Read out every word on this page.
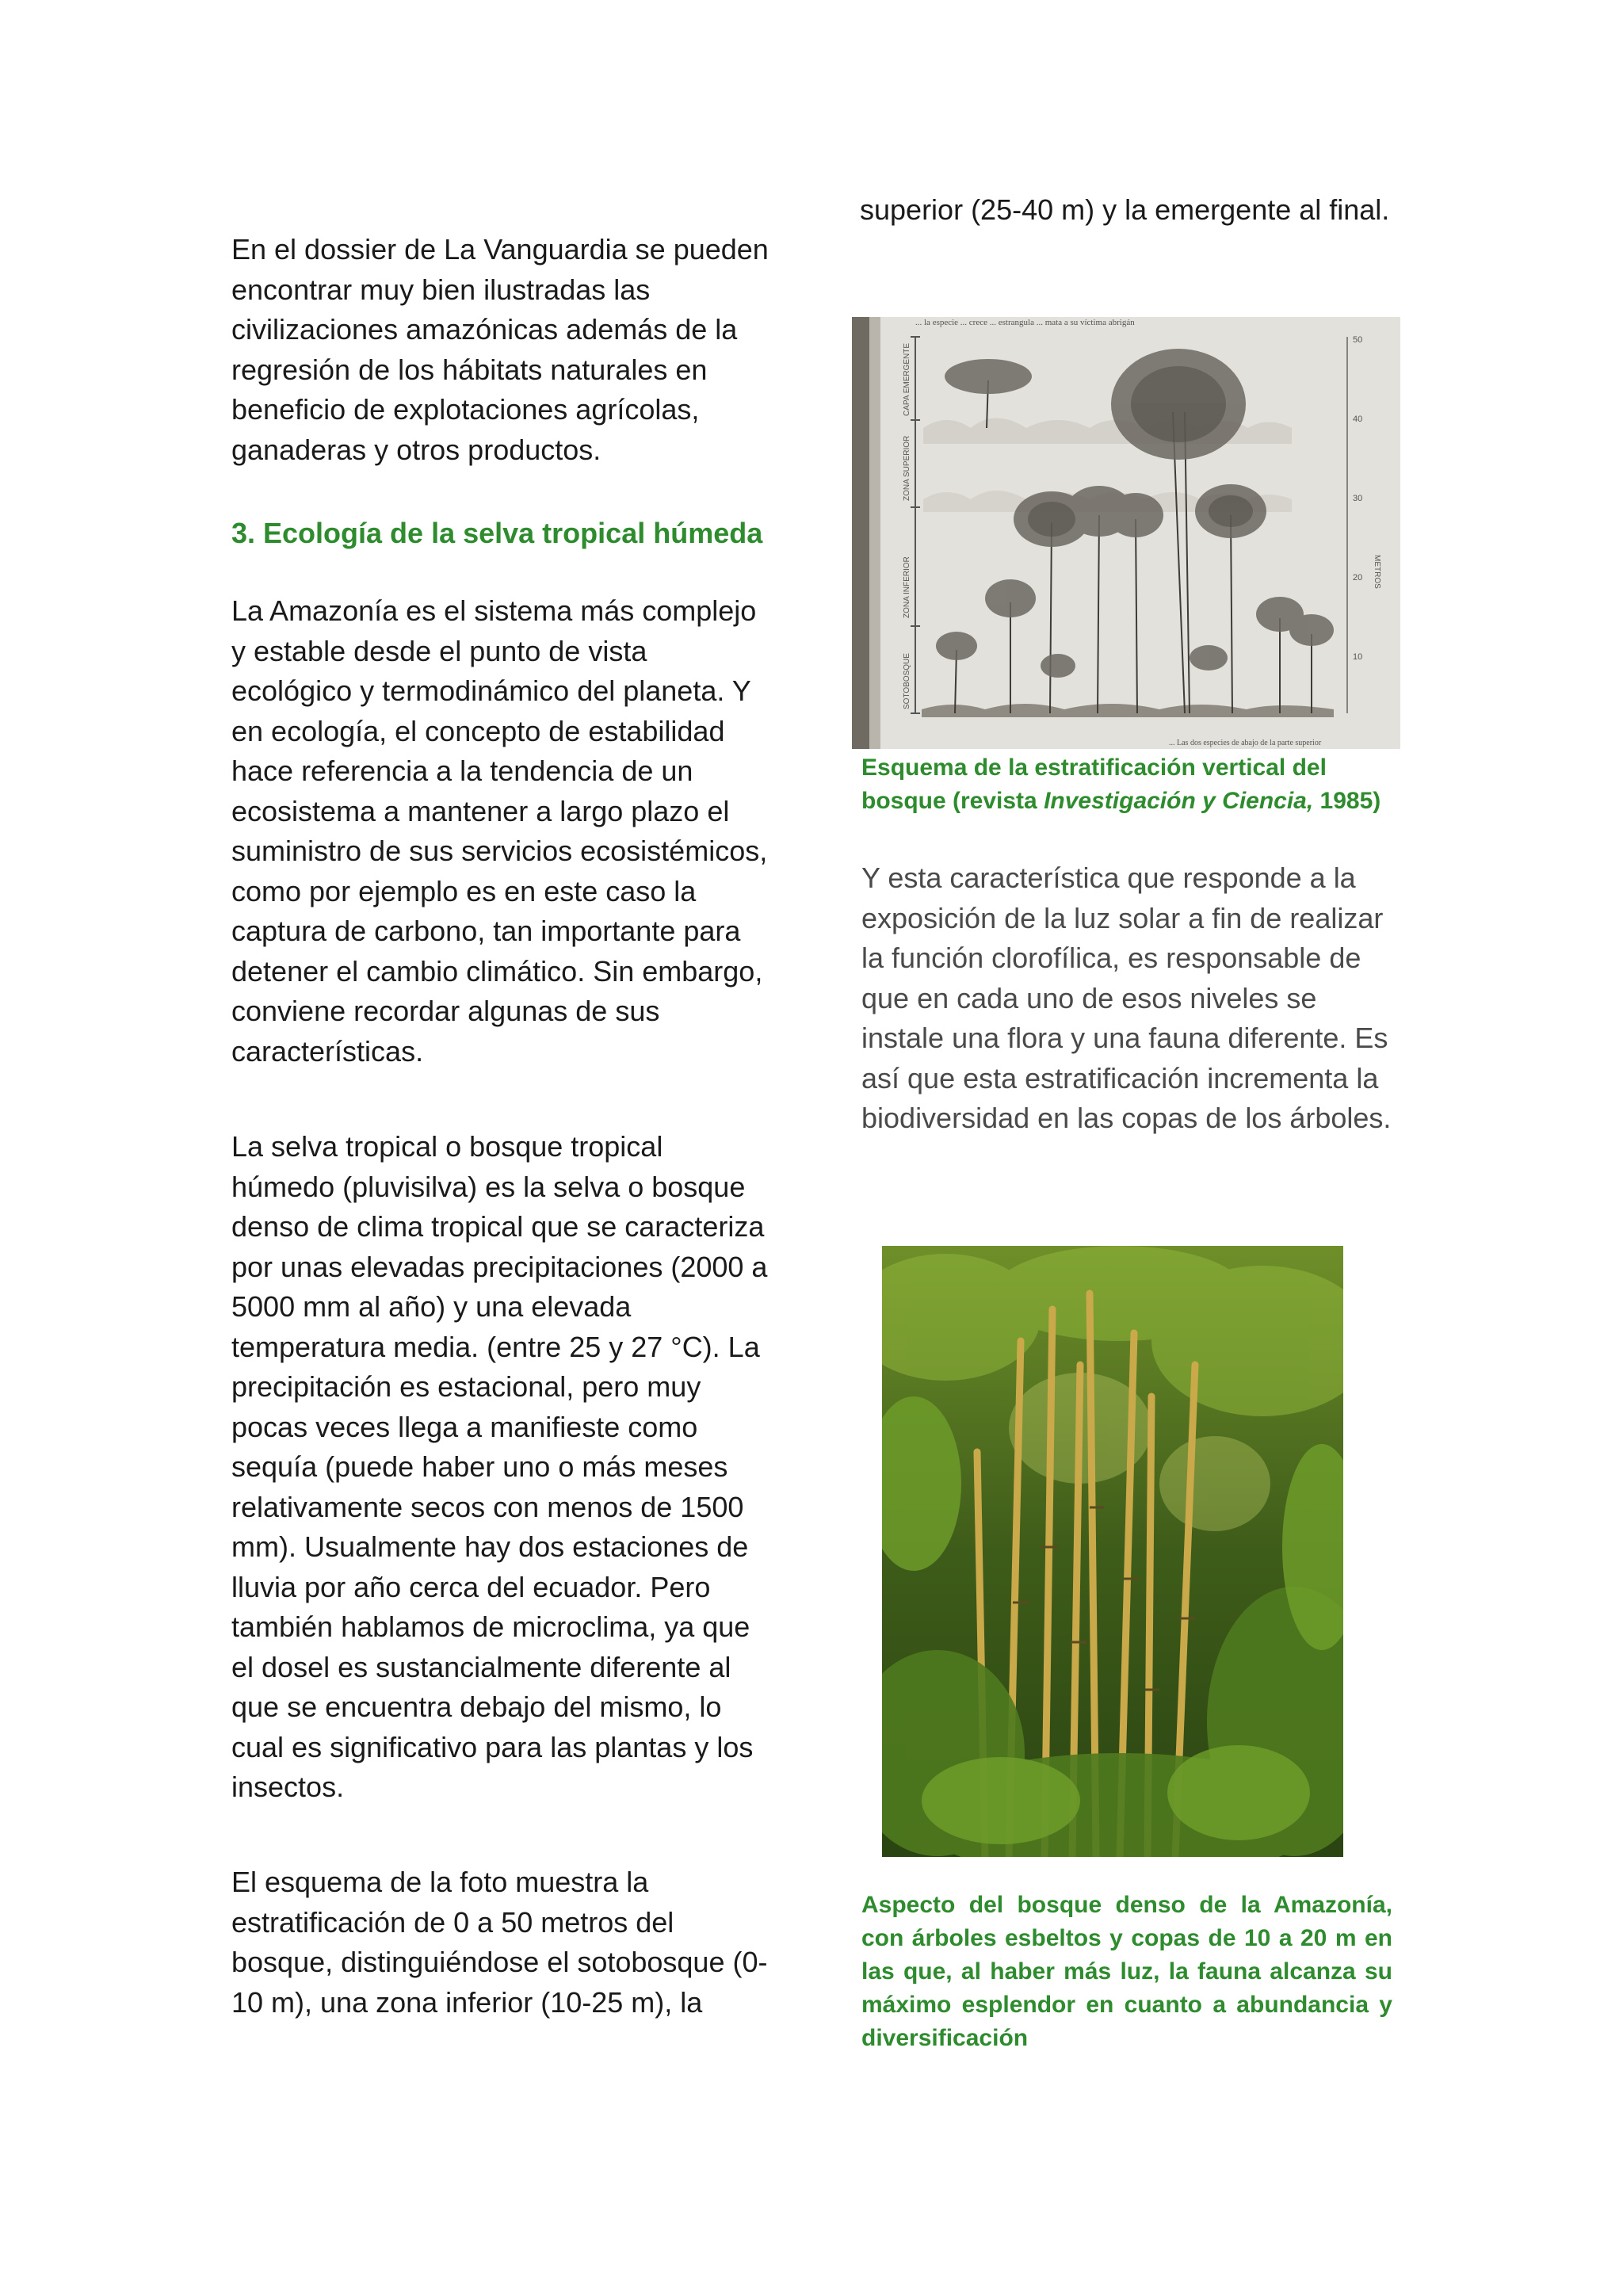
superior (25-40 m) y la emergente al final.

En el dossier de La Vanguardia se pueden encontrar muy bien ilustradas las civilizaciones amazónicas además de la regresión de los hábitats naturales en beneficio de explotaciones agrícolas, ganaderas y otros productos.

3. Ecología de la selva tropical húmeda

La Amazonía es el sistema más complejo y estable desde el punto de vista ecológico y termodinámico del planeta. Y en ecología, el concepto de estabilidad hace referencia a la tendencia de un ecosistema a mantener a largo plazo el suministro de sus servicios ecosistémicos, como por ejemplo es en este caso la captura de carbono, tan importante para detener el cambio climático. Sin embargo, conviene recordar algunas de sus características.

La selva tropical o bosque tropical húmedo (pluvisilva) es la selva o bosque denso de clima tropical que se caracteriza por unas elevadas precipitaciones (2000 a 5000 mm al año) y una elevada temperatura media. (entre 25 y 27 °C). La precipitación es estacional, pero muy pocas veces llega a manifieste como sequía (puede haber uno o más meses relativamente secos con menos de 1500 mm). Usualmente hay dos estaciones de lluvia por año cerca del ecuador. Pero también hablamos de microclima, ya que el dosel es sustancialmente diferente al que se encuentra debajo del mismo, lo cual es significativo para las plantas y los insectos.

El esquema de la foto muestra la estratificación de 0 a 50 metros del bosque, distinguiéndose el sotobosque (0-10 m), una zona inferior (10-25 m), la

... la especie ... crece ... estrangula ... mata a su víctima abrigán
CAPA EMERGENTE
ZONA SUPERIOR
ZONA INFERIOR
SOTOBOSQUE
50
40
30
20
10
METROS
... Las dos especies de abajo de la parte superior

Esquema de la estratificación vertical del bosque (revista Investigación y Ciencia, 1985)

Y esta característica que responde a la exposición de la luz solar a fin de realizar la función clorofílica, es responsable de que en cada uno de esos niveles se instale una flora y una fauna diferente. Es así que esta estratificación incrementa la biodiversidad en las copas de los árboles.

Aspecto del bosque denso de la Amazonía, con árboles esbeltos y copas de 10 a 20 m en las que, al haber más luz, la fauna alcanza su máximo esplendor en cuanto a abundancia y diversificación
